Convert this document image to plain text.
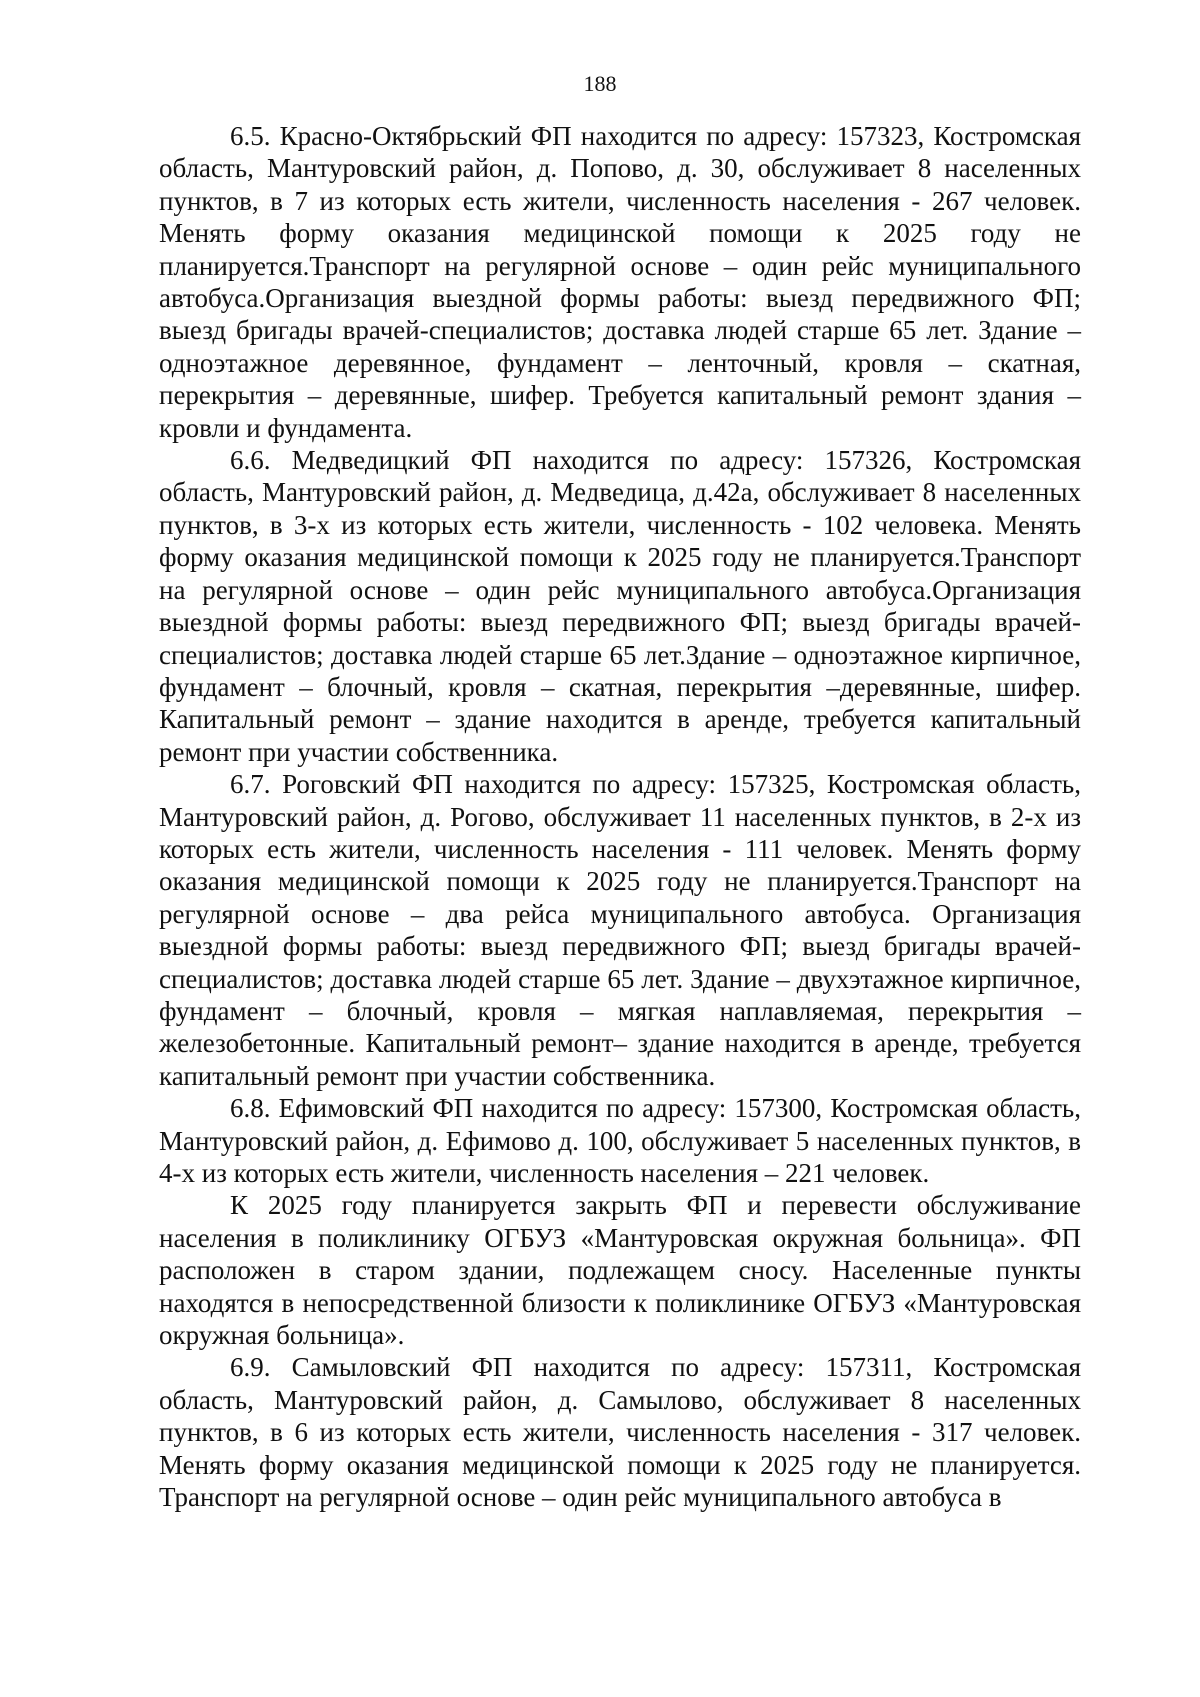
188

6.5. Красно-Октябрьский ФП находится по адресу: 157323, Костромская область, Мантуровский район, д. Попово, д. 30, обслуживает 8 населенных пунктов, в 7 из которых есть жители, численность населения - 267 человек. Менять форму оказания медицинской помощи к 2025 году не планируется.Транспорт на регулярной основе – один рейс муниципального автобуса.Организация выездной формы работы: выезд передвижного ФП; выезд бригады врачей-специалистов; доставка людей старше 65 лет. Здание – одноэтажное деревянное, фундамент – ленточный, кровля – скатная, перекрытия – деревянные, шифер. Требуется капитальный ремонт здания – кровли и фундамента.

6.6. Медведицкий ФП находится по адресу: 157326, Костромская область, Мантуровский район, д. Медведица, д.42а, обслуживает 8 населенных пунктов, в 3-х из которых есть жители, численность - 102 человека. Менять форму оказания медицинской помощи к 2025 году не планируется.Транспорт на регулярной основе – один рейс муниципального автобуса.Организация выездной формы работы: выезд передвижного ФП; выезд бригады врачей-специалистов; доставка людей старше 65 лет.Здание – одноэтажное кирпичное, фундамент – блочный, кровля – скатная, перекрытия –деревянные, шифер. Капитальный ремонт – здание находится в аренде, требуется капитальный ремонт при участии собственника.

6.7. Роговский ФП находится по адресу: 157325, Костромская область, Мантуровский район, д. Рогово, обслуживает 11 населенных пунктов, в 2-х из которых есть жители, численность населения - 111 человек. Менять форму оказания медицинской помощи к 2025 году не планируется.Транспорт на регулярной основе – два рейса муниципального автобуса. Организация выездной формы работы: выезд передвижного ФП; выезд бригады врачей-специалистов; доставка людей старше 65 лет. Здание – двухэтажное кирпичное, фундамент – блочный, кровля – мягкая наплавляемая, перекрытия –железобетонные. Капитальный ремонт– здание находится в аренде, требуется капитальный ремонт при участии собственника.

6.8. Ефимовский ФП находится по адресу: 157300, Костромская область, Мантуровский район, д. Ефимово д. 100, обслуживает 5 населенных пунктов, в 4-х из которых есть жители, численность населения – 221 человек.

К 2025 году планируется закрыть ФП и перевести обслуживание населения в поликлинику ОГБУЗ «Мантуровская окружная больница». ФП расположен в старом здании, подлежащем сносу. Населенные пункты находятся в непосредственной близости к поликлинике ОГБУЗ «Мантуровская окружная больница».

6.9. Самыловский ФП находится по адресу: 157311, Костромская область, Мантуровский район, д. Самылово, обслуживает 8 населенных пунктов, в 6 из которых есть жители, численность населения - 317 человек. Менять форму оказания медицинской помощи к 2025 году не планируется. Транспорт на регулярной основе – один рейс муниципального автобуса в
